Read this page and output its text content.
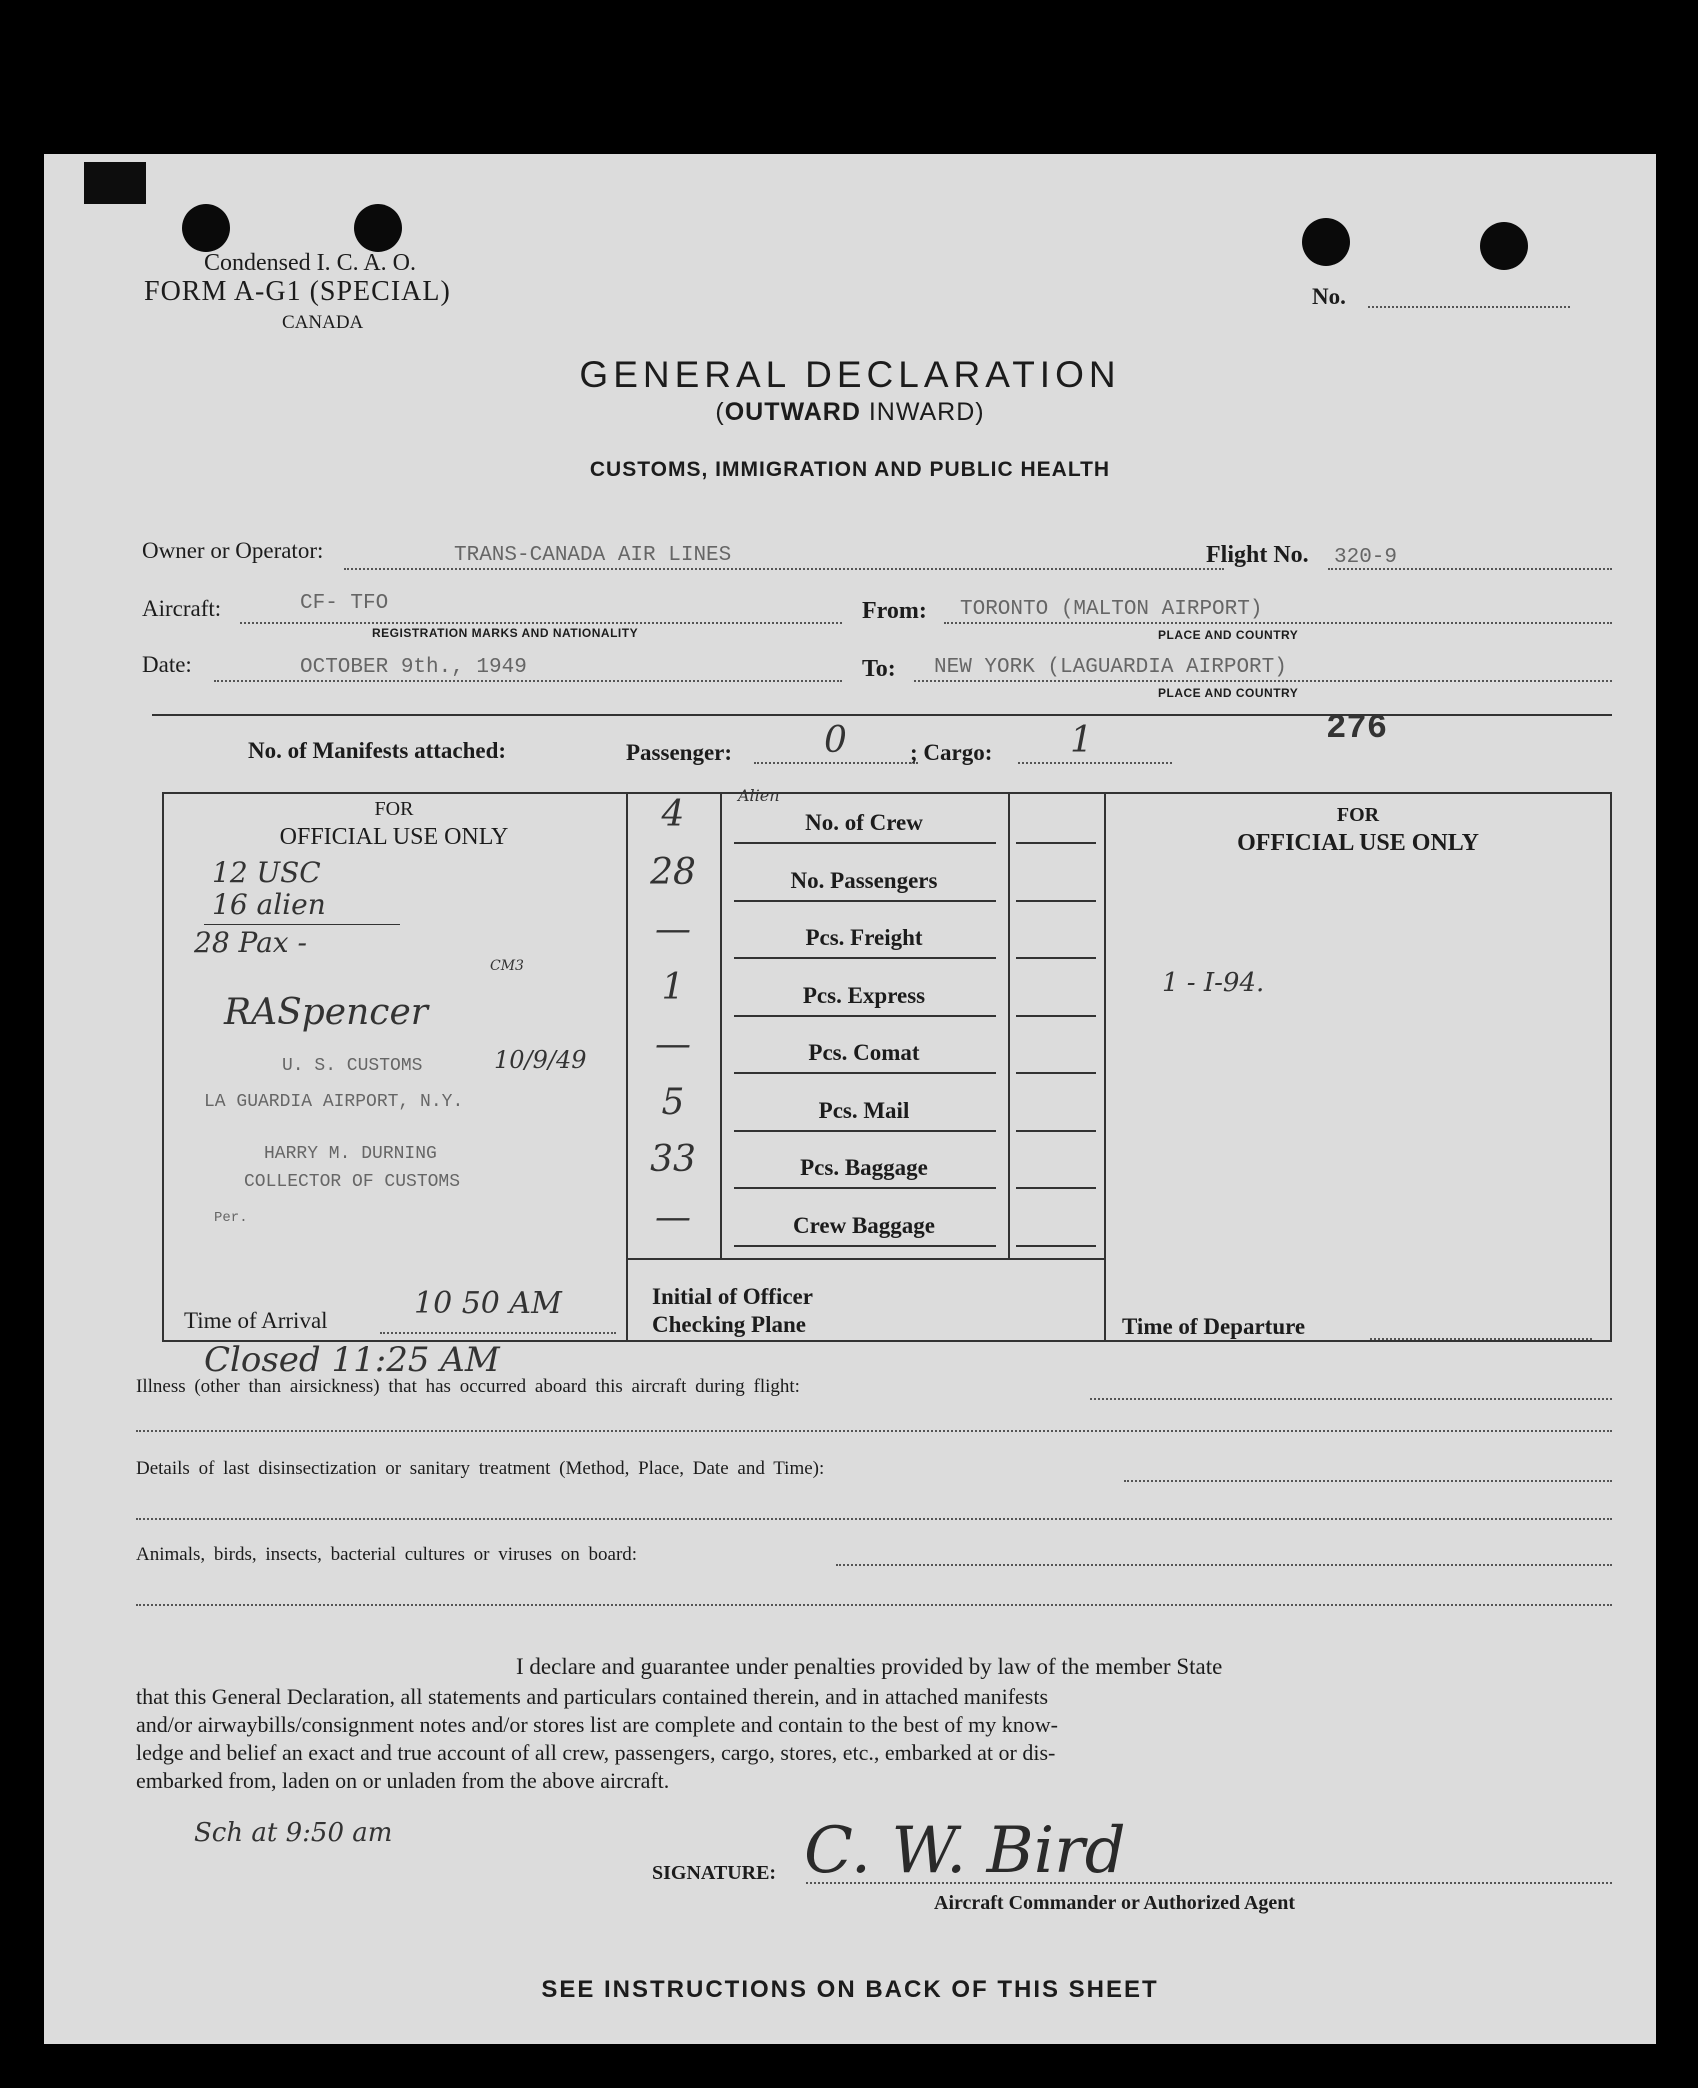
Condensed I. C. A. O.
FORM A-G1 (SPECIAL)
CANADA
No.
GENERAL DECLARATION
(OUTWARD INWARD)
CUSTOMS, IMMIGRATION AND PUBLIC HEALTH
Owner or Operator:	TRANS-CANADA AIR LINES	Flight No. 320-9
Aircraft:	CF- TFO
REGISTRATION MARKS AND NATIONALITY
From: TORONTO (MALTON AIRPORT)
PLACE AND COUNTRY
Date:	OCTOBER 9th., 1949	To: NEW YORK (LAGUARDIA AIRPORT)
PLACE AND COUNTRY
No. of Manifests attached:	Passenger:	0	; Cargo: 1	276
FOR
OFFICIAL USE ONLY
12 USC
16 alien
28 Pax -
CM3
RASpencer
U. S. CUSTOMS	10/9/49
LA GUARDIA AIRPORT, N.Y.
HARRY M. DURNING
COLLECTOR OF CUSTOMS
Per.
Time of Arrival	10 50 AM
4	No. of Crew
28	No. Passengers
—	Pcs. Freight
1	Pcs. Express
—	Pcs. Comat
5	Pcs. Mail
33	Pcs. Baggage
—	Crew Baggage
Alien
Initial of Officer
Checking Plane
FOR
OFFICIAL USE ONLY
1 - I-94.
Time of Departure
Closed 11:25 AM
Illness (other than airsickness) that has occurred aboard this aircraft during flight:
Details of last disinsectization or sanitary treatment (Method, Place, Date and Time):
Animals, birds, insects, bacterial cultures or viruses on board:
I declare and guarantee under penalties provided by law of the member State
that this General Declaration, all statements and particulars contained therein, and in attached manifests
and/or airwaybills/consignment notes and/or stores list are complete and contain to the best of my know-
ledge and belief an exact and true account of all crew, passengers, cargo, stores, etc., embarked at or dis-
embarked from, laden on or unladen from the above aircraft.
Sch at 9:50 am
SIGNATURE: C. W. Bird
Aircraft Commander or Authorized Agent
SEE INSTRUCTIONS ON BACK OF THIS SHEET
